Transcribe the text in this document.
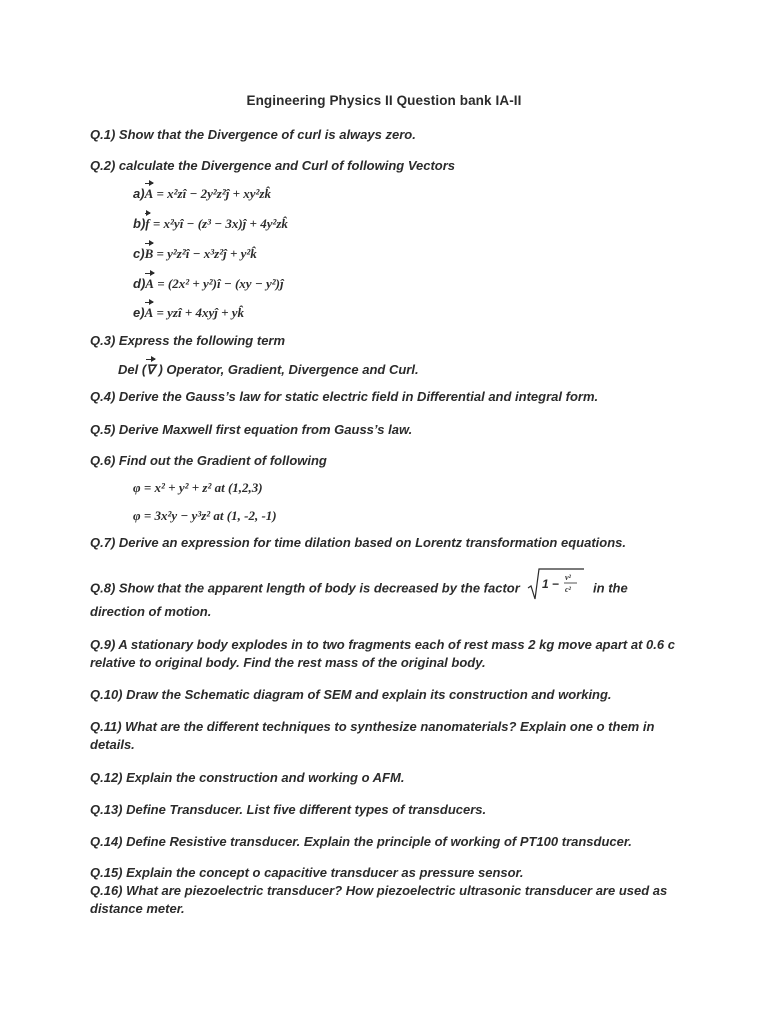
Engineering Physics II Question bank IA-II
Q.1) Show that the Divergence of curl is always zero.
Q.2) calculate the Divergence and Curl of following Vectors
a)A = x²zî − 2y²z²ĵ + xy²zk̂
b)f = x²yî − (z³ − 3x)ĵ + 4y²zk̂
c)B = y²z²î − x³z²ĵ + y²k̂
d)A = (2x² + y²)î − (xy − y²)ĵ
e)A = yzî + 4xyĵ + yk̂
Q.3) Express the following term
Del (∇ ) Operator, Gradient, Divergence and Curl.
Q.4) Derive the Gauss’s law for static electric field in Differential and integral form.
Q.5) Derive Maxwell first equation from Gauss’s law.
Q.6) Find out the Gradient of following
φ = x² + y² + z² at (1,2,3)
φ = 3x²y − y³z² at (1, -2, -1)
Q.7) Derive an expression for time dilation based on Lorentz transformation equations.
Q.8) Show that the apparent length of body is decreased by the factor 1 − v²
c² in the
direction of motion.
Q.9) A stationary body explodes in to two fragments each of rest mass 2 kg move apart at 0.6 c relative to original body. Find the rest mass of the original body.
Q.10) Draw the Schematic diagram of SEM and explain its construction and working.
Q.11) What are the different techniques to synthesize nanomaterials? Explain one o them in details.
Q.12) Explain the construction and working o AFM.
Q.13) Define Transducer. List five different types of transducers.
Q.14) Define Resistive transducer. Explain the principle of working of PT100 transducer.
Q.15) Explain the concept o capacitive transducer as pressure sensor.
Q.16) What are piezoelectric transducer? How piezoelectric ultrasonic transducer are used as distance meter.
